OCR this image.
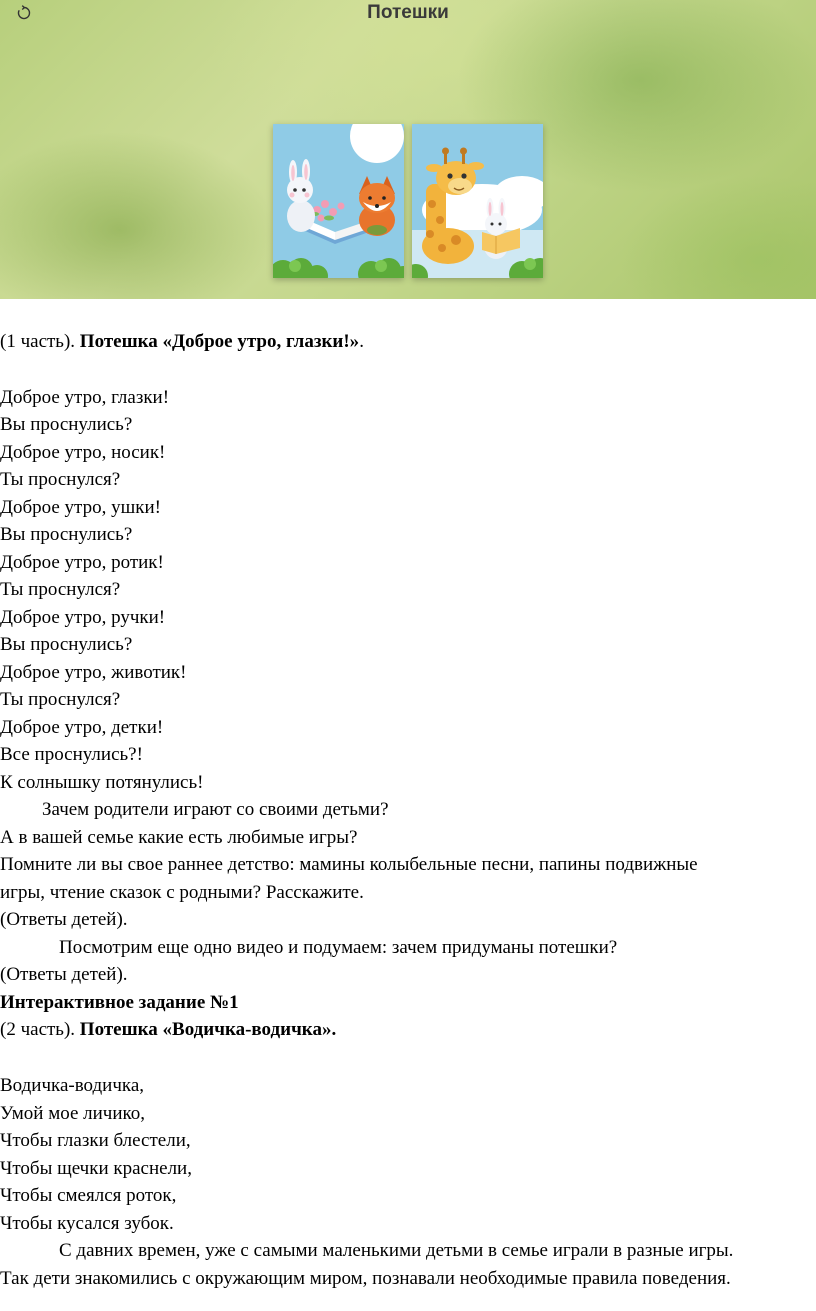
Потешки
(1 часть). Потешка «Доброе утро, глазки!».
Доброе утро, глазки!
Вы проснулись?
Доброе утро, носик!
Ты проснулся?
Доброе утро, ушки!
Вы проснулись?
Доброе утро, ротик!
Ты проснулся?
Доброе утро, ручки!
Вы проснулись?
Доброе утро, животик!
Ты проснулся?
Доброе утро, детки!
Все проснулись?!
К солнышку потянулись!
Зачем родители играют со своими детьми?
А в вашей семье какие есть любимые игры?
Помните ли вы свое раннее детство: мамины колыбельные песни, папины подвижные
игры, чтение сказок с родными? Расскажите.
(Ответы детей).
Посмотрим еще одно видео и подумаем: зачем придуманы потешки?
(Ответы детей).
Интерактивное задание №1
(2 часть). Потешка «Водичка-водичка».
Водичка-водичка,
Умой мое личико,
Чтобы глазки блестели,
Чтобы щечки краснели,
Чтобы смеялся роток,
Чтобы кусался зубок.
С давних времен, уже с самыми маленькими детьми в семье играли в разные игры.
Так дети знакомились с окружающим миром, познавали необходимые правила поведения.
